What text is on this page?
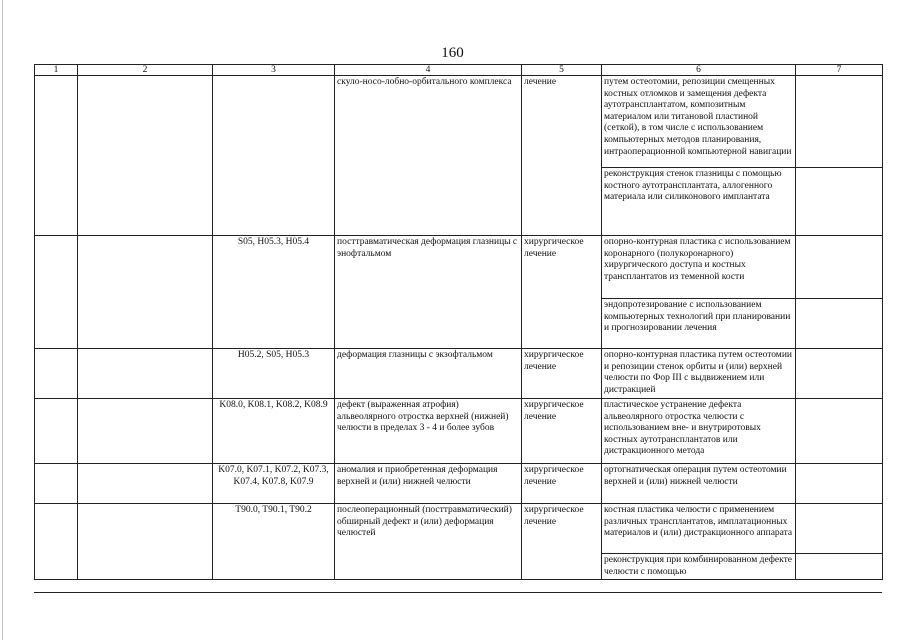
160
1	2	3	4	5	6	7
			скуло-носо-лобно-орбитального комплекса	лечение	путем остеотомии, репозиции смещенных костных отломков и замещения дефекта аутотрансплантатом, композитным материалом или титановой пластиной (сеткой), в том числе с использованием компьютерных методов планирования, интраоперационной компьютерной навигации	
					реконструкция стенок глазницы с помощью костного аутотрансплантата, аллогенного материала или силиконового имплантата	
		S05, H05.3, H05.4	посттравматическая деформация глазницы с энофтальмом	хирургическое лечение	опорно-контурная пластика с использованием коронарного (полукоронарного) хирургического доступа и костных трансплантатов из теменной кости	
					эндопротезирование с использованием компьютерных технологий при планировании и прогнозировании лечения	
		H05.2, S05, H05.3	деформация глазницы с экзофтальмом	хирургическое лечение	опорно-контурная пластика путем остеотомии и репозиции стенок орбиты и (или) верхней челюсти по Фор III с выдвижением или дистракцией	
		K08.0, K08.1, K08.2, K08.9	дефект (выраженная атрофия) альвеолярного отростка верхней (нижней) челюсти в пределах 3 - 4 и более зубов	хирургическое лечение	пластическое устранение дефекта альвеолярного отростка челюсти с использованием вне- и внутриротовых костных аутотрансплантатов или дистракционного метода	
		K07.0, K07.1, K07.2, K07.3, K07.4, K07.8, K07.9	аномалия и приобретенная деформация верхней и (или) нижней челюсти	хирургическое лечение	ортогнатическая операция путем остеотомии верхней и (или) нижней челюсти	
		T90.0, T90.1, T90.2	послеоперационный (посттравматический) обширный дефект и (или) деформация челюстей	хирургическое лечение	костная пластика челюсти с применением различных трансплантатов, имплатационных материалов и (или) дистракционного аппарата	
					реконструкция при комбинированном дефекте челюсти с помощью	
